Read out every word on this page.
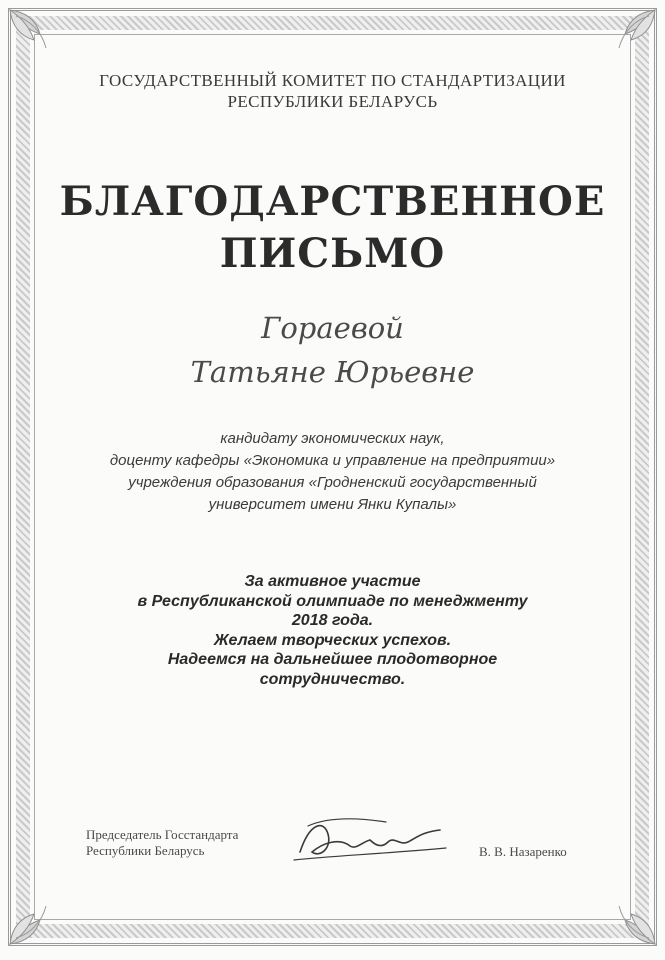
ГОСУДАРСТВЕННЫЙ КОМИТЕТ ПО СТАНДАРТИЗАЦИИ
РЕСПУБЛИКИ БЕЛАРУСЬ
БЛАГОДАРСТВЕННОЕ
ПИСЬМО
Гораевой
Татьяне Юрьевне
кандидату экономических наук,
доценту кафедры «Экономика и управление на предприятии»
учреждения образования «Гродненский государственный
университет имени Янки Купалы»
За активное участие
в Республиканской олимпиаде по менеджменту
2018 года.
Желаем творческих успехов.
Надеемся на дальнейшее плодотворное
сотрудничество.
Председатель Госстандарта
Республики Беларусь	В. В. Назаренко
